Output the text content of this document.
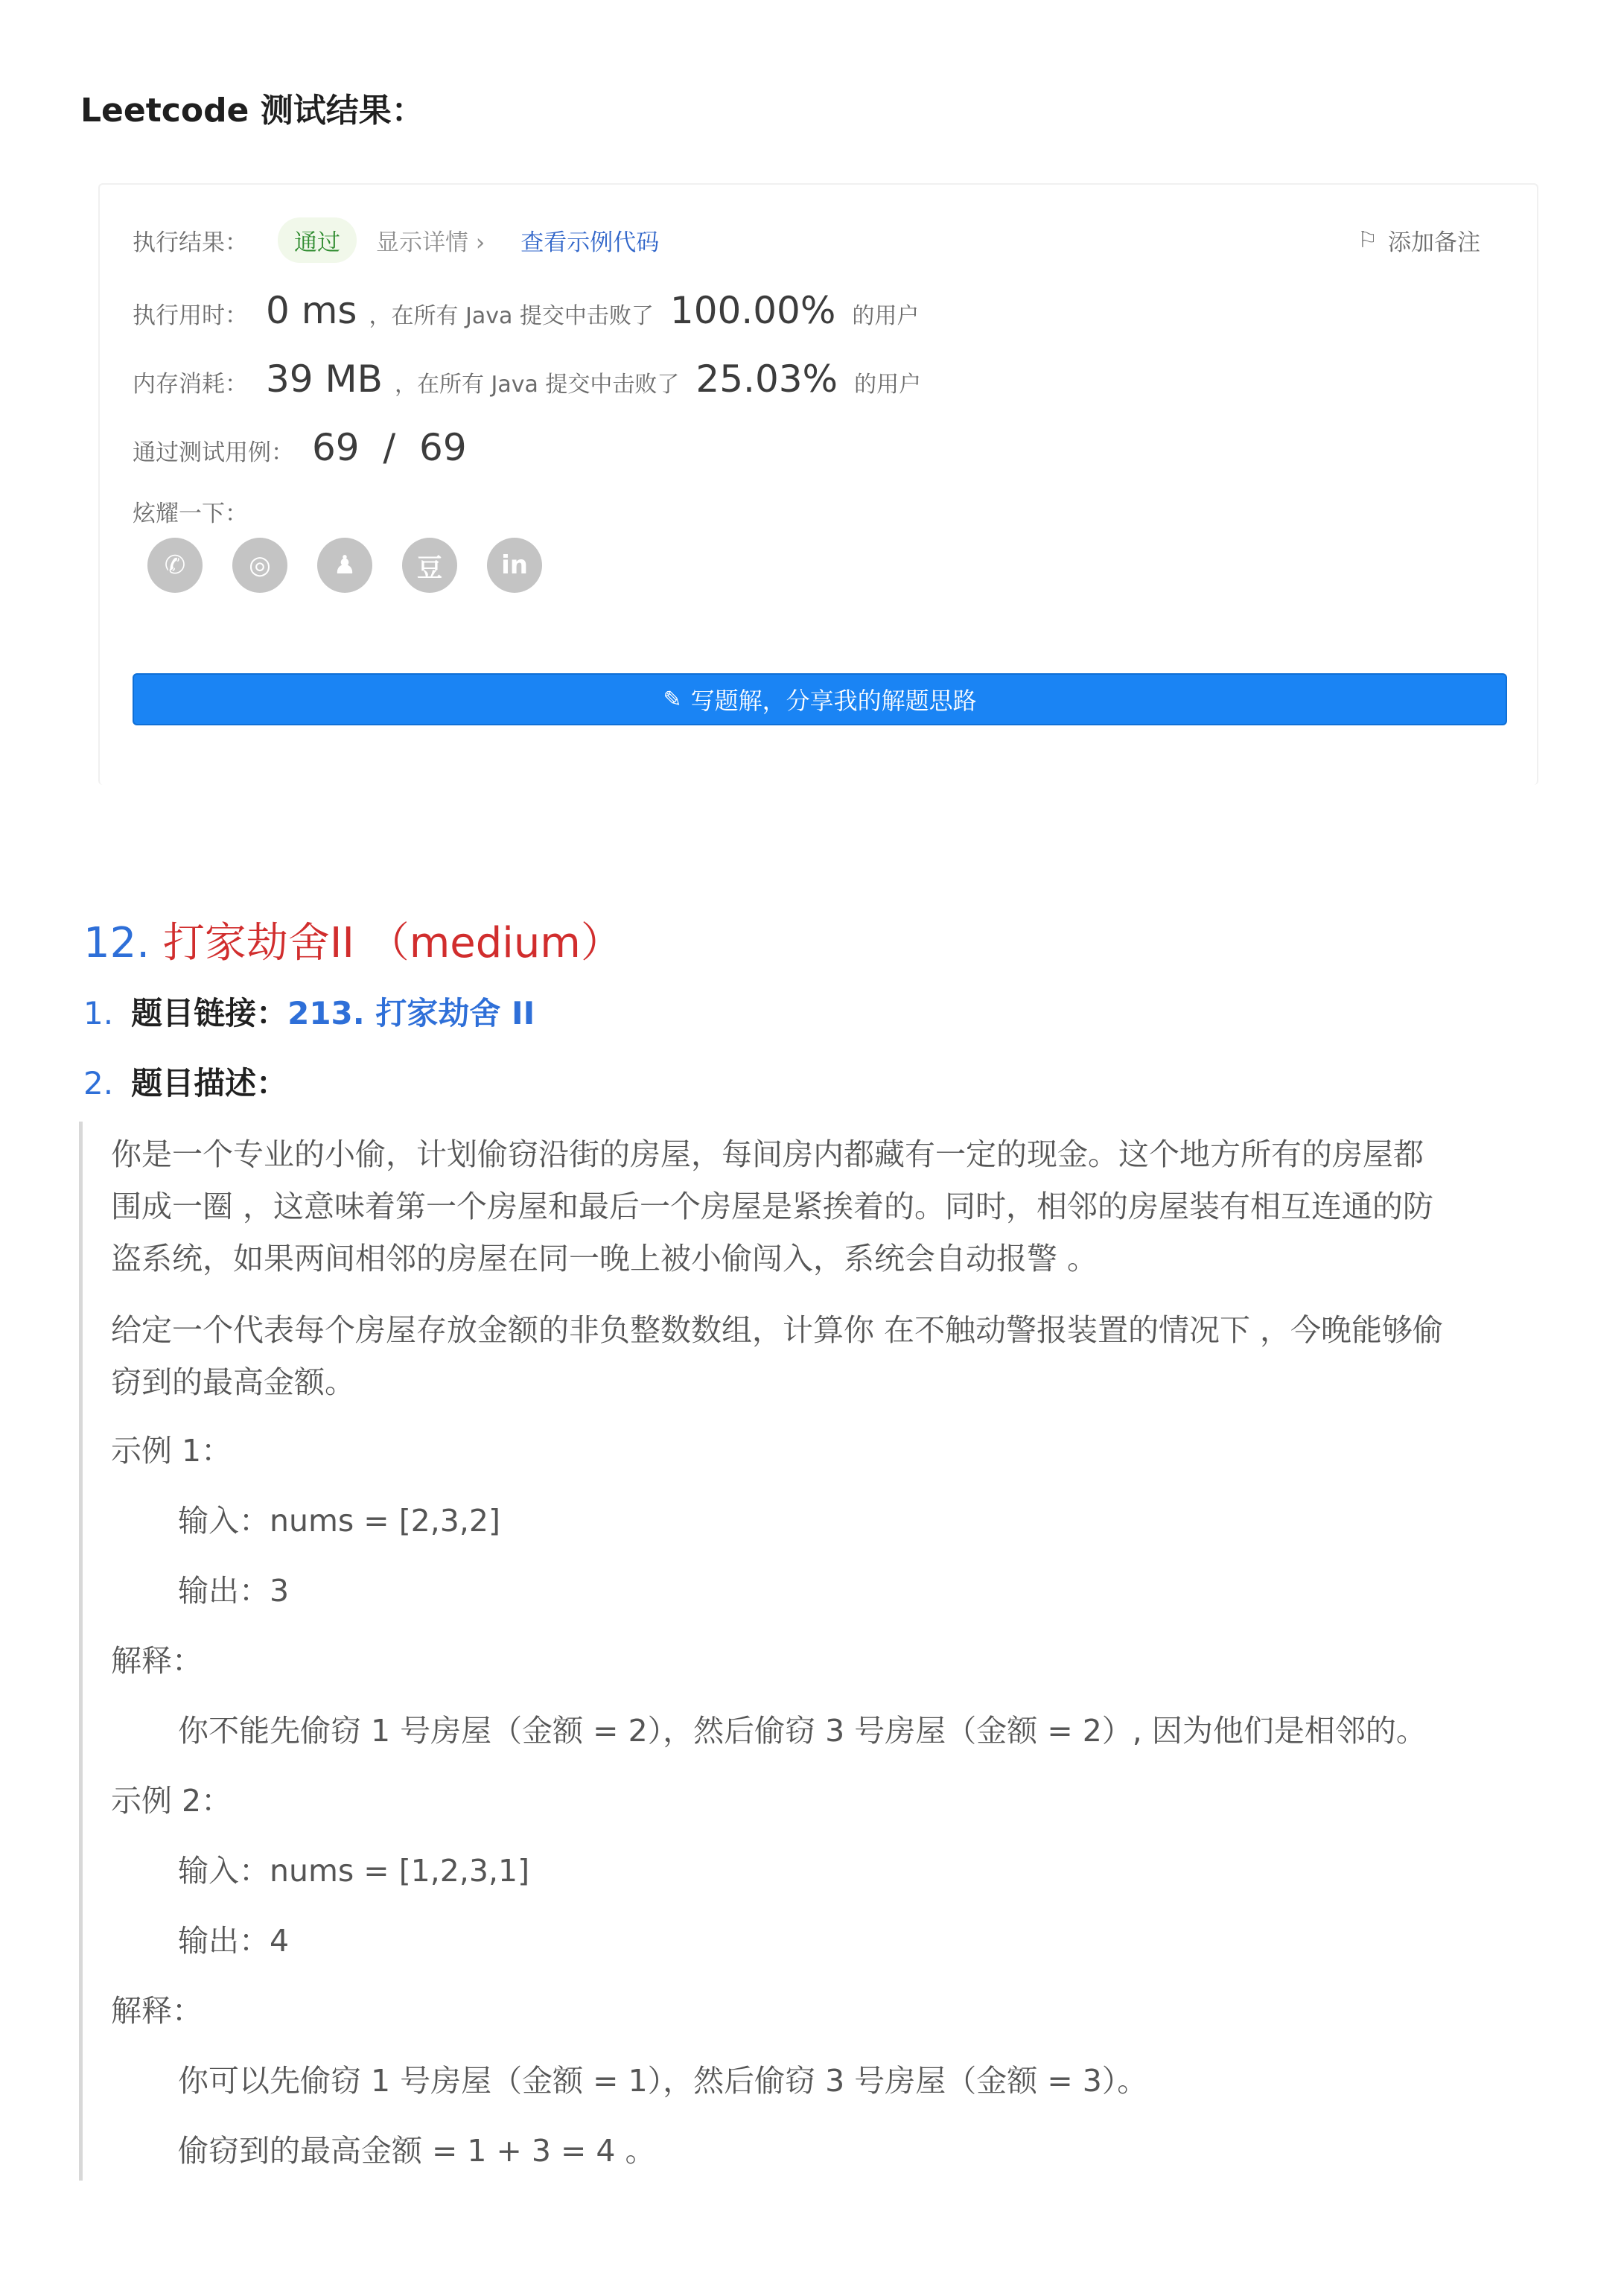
Leetcode 测试结果：
执行结果：	通过	显示详情 › 查看示例代码	⚐ 添加备注
执行用时： 0 ms ，在所有 Java 提交中击败了 100.00% 的用户
内存消耗： 39 MB ，在所有 Java 提交中击败了 25.03% 的用户
通过测试用例： 69  /  69
炫耀一下：
✆	◎	♟	豆	in
✎ 写题解，分享我的解题思路
12. 打家劫舍II （medium）
1. 题目链接：213. 打家劫舍 II
2. 题目描述：
你是一个专业的小偷，计划偷窃沿街的房屋，每间房内都藏有一定的现金。这个地方所有的房屋都
围成一圈 ，这意味着第一个房屋和最后一个房屋是紧挨着的。同时，相邻的房屋装有相互连通的防
盗系统，如果两间相邻的房屋在同一晚上被小偷闯入，系统会自动报警 。
给定一个代表每个房屋存放金额的非负整数数组，计算你 在不触动警报装置的情况下 ，今晚能够偷
窃到的最高金额。
示例 1：
输入：nums = [2,3,2]
输出：3
解释：
你不能先偷窃 1 号房屋（金额 = 2），然后偷窃 3 号房屋（金额 = 2）, 因为他们是相邻的。
示例 2：
输入：nums = [1,2,3,1]
输出：4
解释：
你可以先偷窃 1 号房屋（金额 = 1），然后偷窃 3 号房屋（金额 = 3）。
偷窃到的最高金额 = 1 + 3 = 4 。
